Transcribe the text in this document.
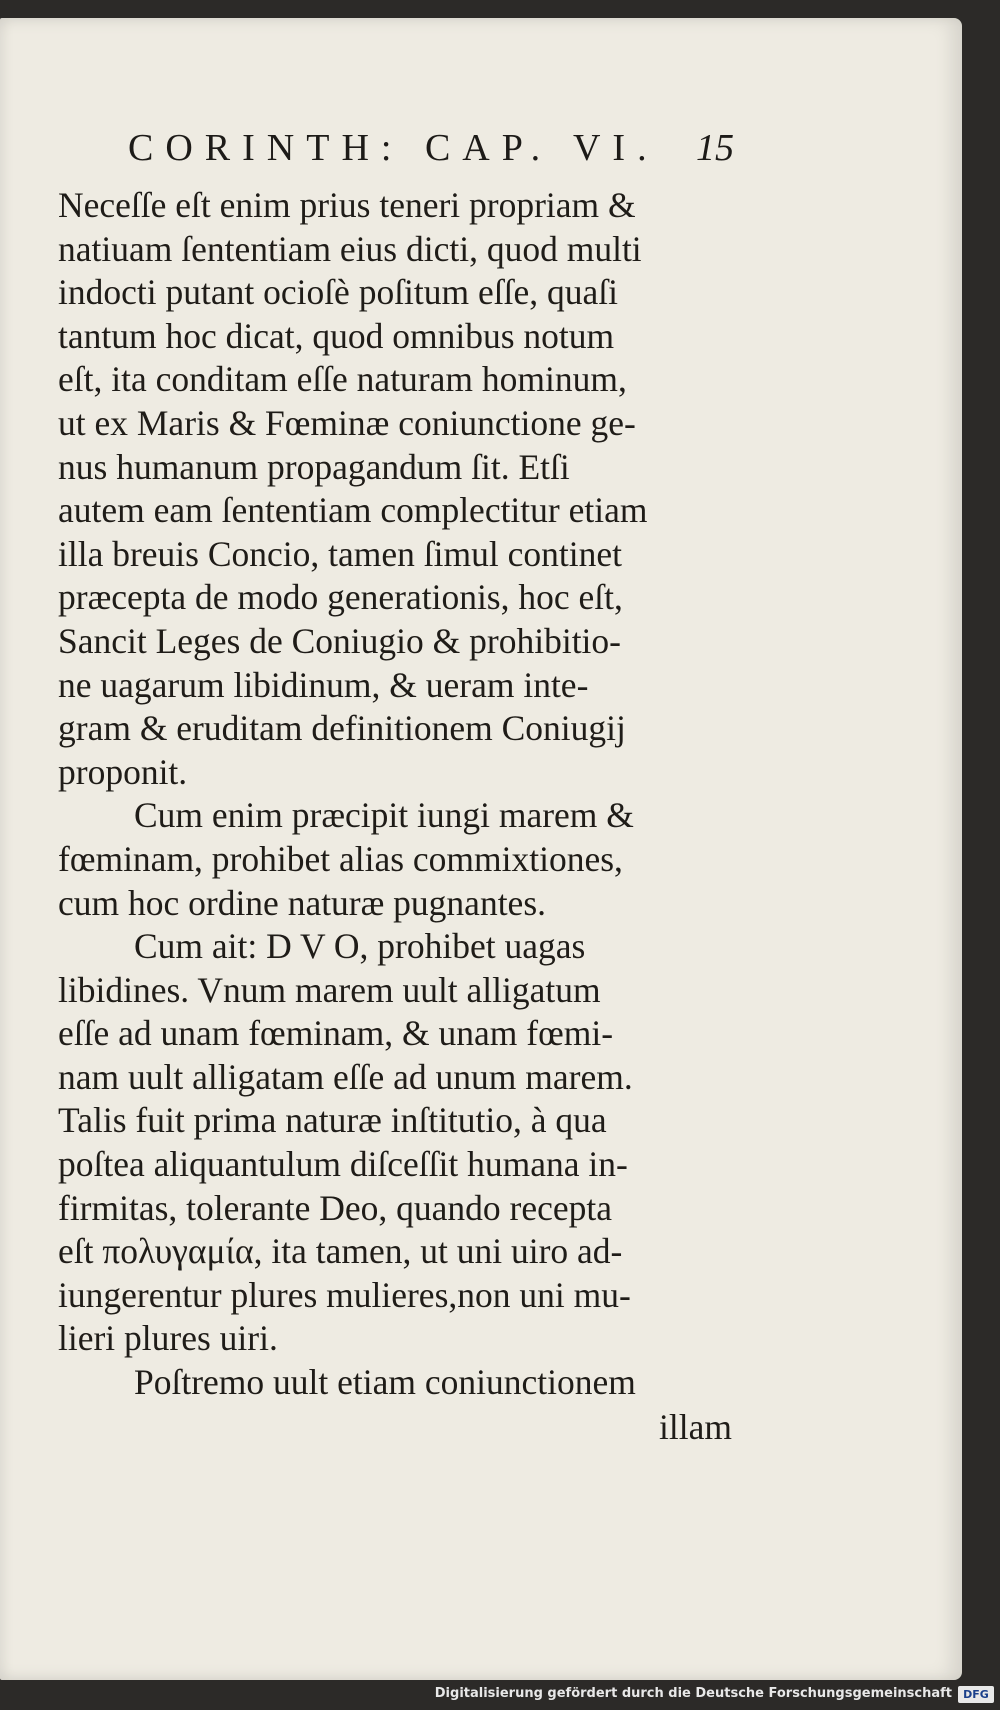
CORINTH: CAP. VI. 15
Neceſſe eſt enim prius teneri propriam &
natiuam ſententiam eius dicti, quod multi
indocti putant ocioſè poſitum eſſe, quaſi
tantum hoc dicat, quod omnibus notum
eſt, ita conditam eſſe naturam hominum,
ut ex Maris & Fœminæ coniunctione ge-
nus humanum propagandum ſit. Etſi
autem eam ſententiam complectitur etiam
illa breuis Concio, tamen ſimul continet
præcepta de modo generationis, hoc eſt,
Sancit Leges de Coniugio & prohibitio-
ne uagarum libidinum, & ueram inte-
gram & eruditam definitionem Coniugij
proponit.
Cum enim præcipit iungi marem &
fœminam, prohibet alias commixtiones,
cum hoc ordine naturæ pugnantes.
Cum ait: D V O, prohibet uagas
libidines. Vnum marem uult alligatum
eſſe ad unam fœminam, & unam fœmi-
nam uult alligatam eſſe ad unum marem.
Talis fuit prima naturæ inſtitutio, à qua
poſtea aliquantulum diſceſſit humana in-
firmitas, tolerante Deo, quando recepta
eſt πολυγαμία, ita tamen, ut uni uiro ad-
iungerentur plures mulieres,non uni mu-
lieri plures uiri.
Poſtremo uult etiam coniunctionem
illam
Digitalisierung gefördert durch die Deutsche Forschungsgemeinschaft	DFG
